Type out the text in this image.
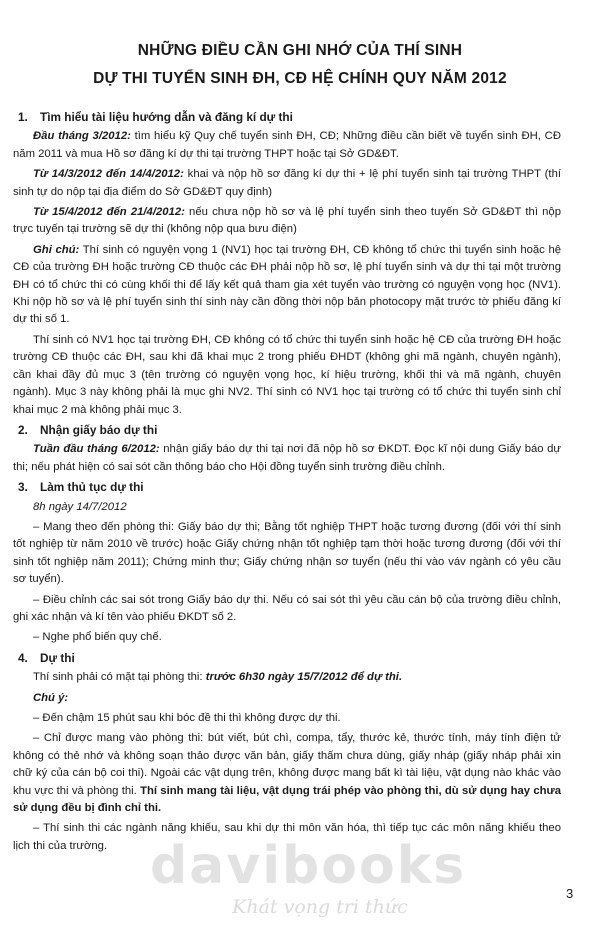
NHỮNG ĐIỀU CẦN GHI NHỚ CỦA THÍ SINH
DỰ THI TUYỂN SINH ĐH, CĐ HỆ CHÍNH QUY NĂM 2012
1. Tìm hiểu tài liệu hướng dẫn và đăng kí dự thi

Đầu tháng 3/2012: tìm hiểu kỹ Quy chế tuyển sinh ĐH, CĐ; Những điều cần biết về tuyển sinh ĐH, CĐ năm 2011 và mua Hồ sơ đăng kí dự thi tại trường THPT hoặc tại Sở GD&ĐT.

Từ 14/3/2012 đến 14/4/2012: khai và nộp hồ sơ đăng kí dự thi + lệ phí tuyển sinh tại trường THPT (thí sinh tự do nộp tại địa điểm do Sở GD&ĐT quy định)

Từ 15/4/2012 đến 21/4/2012: nếu chưa nộp hồ sơ và lệ phí tuyển sinh theo tuyến Sở GD&ĐT thì nộp trực tuyến tại trường sẽ dự thi (không nộp qua bưu điện)

Ghi chú: Thí sinh có nguyện vọng 1 (NV1) học tại trường ĐH, CĐ không tổ chức thi tuyển sinh hoặc hệ CĐ của trường ĐH hoặc trường CĐ thuộc các ĐH phải nộp hồ sơ, lệ phí tuyển sinh và dự thi tại một trường ĐH có tổ chức thi có cùng khối thi để lấy kết quả tham gia xét tuyển vào trường có nguyện vọng học (NV1). Khi nộp hồ sơ và lệ phí tuyển sinh thí sinh này cần đồng thời nộp bản photocopy mặt trước tờ phiếu đăng kí dự thi số 1.

Thí sinh có NV1 học tại trường ĐH, CĐ không có tổ chức thi tuyển sinh hoặc hệ CĐ của trường ĐH hoặc trường CĐ thuộc các ĐH, sau khi đã khai mục 2 trong phiếu ĐHDT (không ghi mã ngành, chuyên ngành), cần khai đầy đủ mục 3 (tên trường có nguyện vọng học, kí hiệu trường, khối thi và mã ngành, chuyên ngành). Mục 3 này không phải là mục ghi NV2. Thí sinh có NV1 học tại trường có tổ chức thi tuyển sinh chỉ khai mục 2 mà không phải mục 3.

2. Nhận giấy báo dự thi

Tuần đầu tháng 6/2012: nhận giấy báo dự thi tại nơi đã nộp hồ sơ ĐKDT. Đọc kĩ nội dung Giấy báo dự thi; nếu phát hiện có sai sót cần thông báo cho Hội đồng tuyển sinh trường điều chỉnh.

3. Làm thủ tục dự thi

8h ngày 14/7/2012

– Mang theo đến phòng thi: Giấy báo dự thi; Bằng tốt nghiệp THPT hoặc tương đương (đối với thí sinh tốt nghiệp từ năm 2010 về trước) hoặc Giấy chứng nhận tốt nghiệp tạm thời hoặc tương đương (đối với thí sinh tốt nghiệp năm 2011); Chứng minh thư; Giấy chứng nhận sơ tuyển (nếu thi vào váv ngành có yêu cầu sơ tuyển).

– Điều chỉnh các sai sót trong Giấy báo dự thi. Nếu có sai sót thì yêu cầu cán bộ của trường điều chỉnh, ghi xác nhận và kí tên vào phiếu ĐKDT số 2.

– Nghe phổ biến quy chế.

4. Dự thi

Thí sinh phải có mặt tại phòng thi: trước 6h30 ngày 15/7/2012 để dự thi.

Chú ý:

– Đến chậm 15 phút sau khi bóc đề thi thì không được dự thi.

– Chỉ được mang vào phòng thi: bút viết, bút chì, compa, tẩy, thước kẻ, thước tính, máy tính điện tử không có thẻ nhớ và không soạn thảo được văn bản, giấy thấm chưa dùng, giấy nháp (giấy nháp phải xin chữ ký của cán bộ coi thi). Ngoài các vật dụng trên, không được mang bất kì tài liệu, vật dụng nào khác vào khu vực thi và phòng thi. Thí sinh mang tài liệu, vật dụng trái phép vào phòng thi, dù sử dụng hay chưa sử dụng đều bị đình chỉ thi.

– Thí sinh thi các ngành năng khiếu, sau khi dự thi môn văn hóa, thì tiếp tục các môn năng khiếu theo lịch thi của trường. davibooks
Khát vọng tri thức
3
